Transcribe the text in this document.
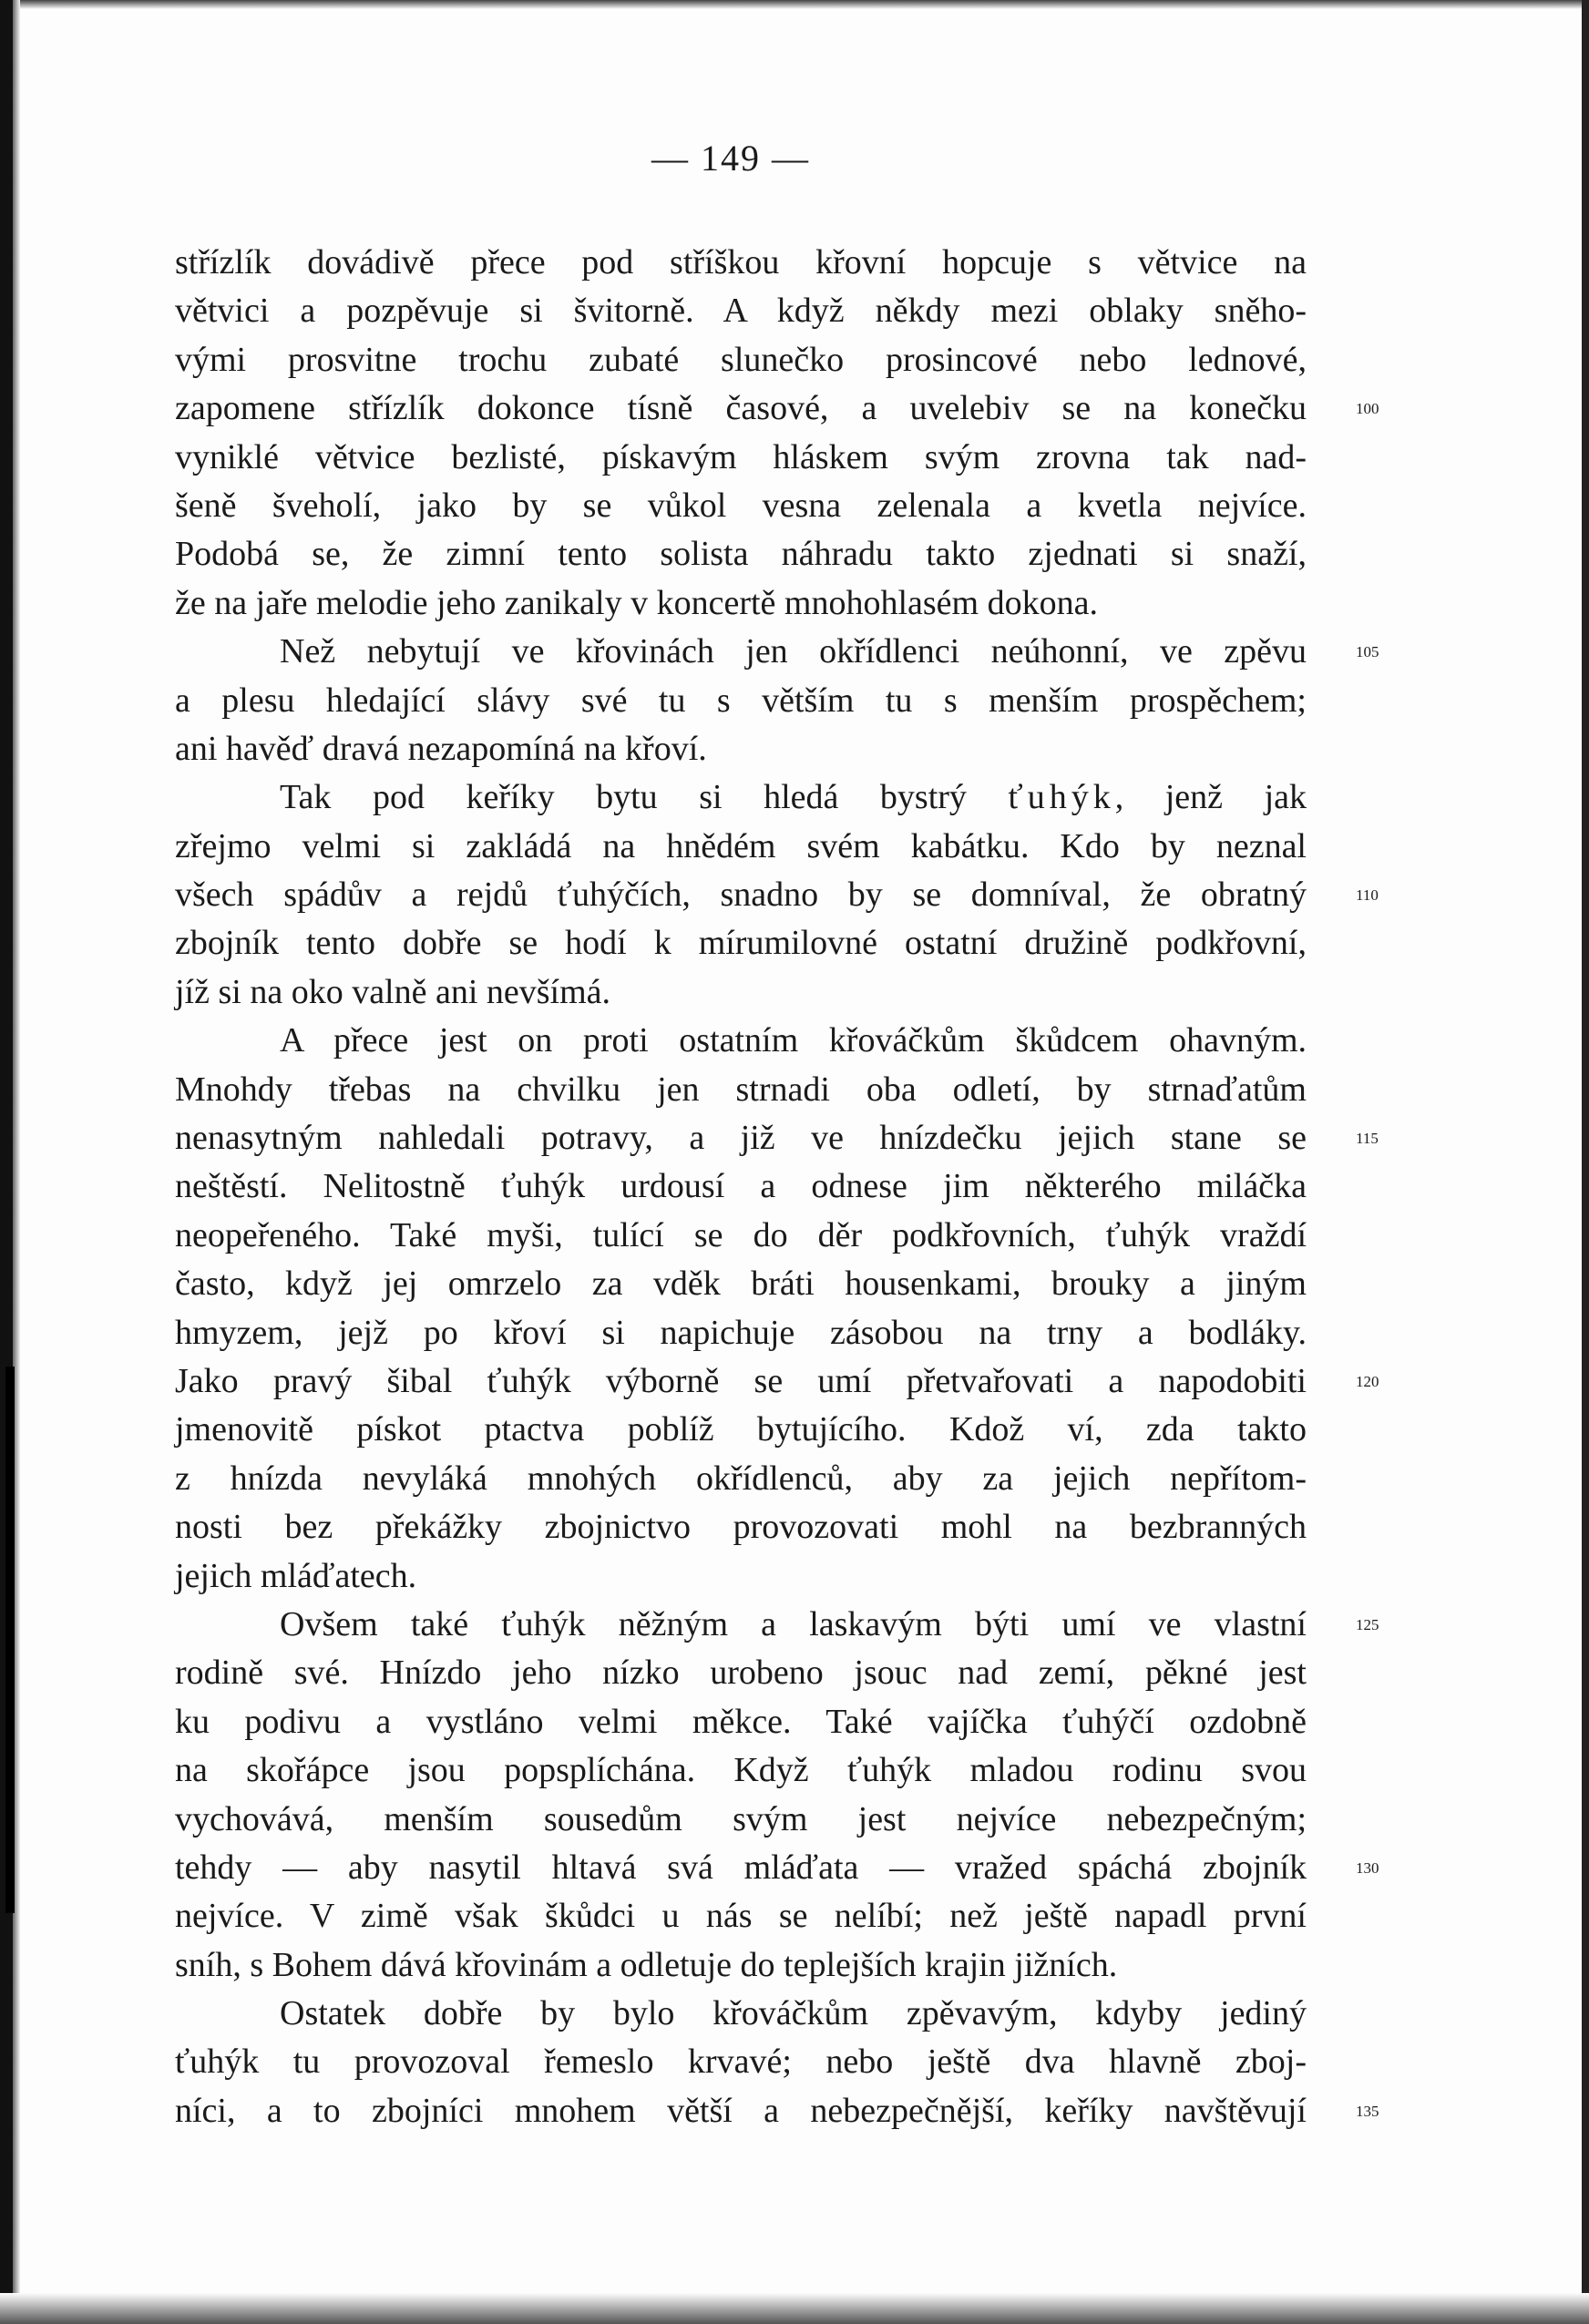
— 149 —
střízlík dovádivě přece pod stříškou křovní hopcuje s větvice na
větvici a pozpěvuje si švitorně. A když někdy mezi oblaky sněho-
vými prosvitne trochu zubaté slunečko prosincové nebo lednové,
zapomene střízlík dokonce tísně časové, a uvelebiv se na konečku
vyniklé větvice bezlisté, pískavým hláskem svým zrovna tak nad-
šeně šveholí, jako by se vůkol vesna zelenala a kvetla nejvíce.
Podobá se, že zimní tento solista náhradu takto zjednati si snaží,
že na jaře melodie jeho zanikaly v koncertě mnohohlasém dokona.
Než nebytují ve křovinách jen okřídlenci neúhonní, ve zpěvu
a plesu hledající slávy své tu s větším tu s menším prospěchem;
ani havěď dravá nezapomíná na křoví.
Tak pod keříky bytu si hledá bystrý ťuhýk, jenž jak
zřejmo velmi si zakládá na hnědém svém kabátku. Kdo by neznal
všech spádův a rejdů ťuhýčích, snadno by se domníval, že obratný
zbojník tento dobře se hodí k mírumilovné ostatní družině podkřovní,
jíž si na oko valně ani nevšímá.
A přece jest on proti ostatním křováčkům škůdcem ohavným.
Mnohdy třebas na chvilku jen strnadi oba odletí, by strnaďatům
nenasytným nahledali potravy, a již ve hnízdečku jejich stane se
neštěstí. Nelitostně ťuhýk urdousí a odnese jim některého miláčka
neopeřeného. Také myši, tulící se do děr podkřovních, ťuhýk vraždí
často, když jej omrzelo za vděk bráti housenkami, brouky a jiným
hmyzem, jejž po křoví si napichuje zásobou na trny a bodláky.
Jako pravý šibal ťuhýk výborně se umí přetvařovati a napodobiti
jmenovitě pískot ptactva poblíž bytujícího. Kdož ví, zda takto
z hnízda nevyláká mnohých okřídlenců, aby za jejich nepřítom-
nosti bez překážky zbojnictvo provozovati mohl na bezbranných
jejich mláďatech.
Ovšem také ťuhýk něžným a laskavým býti umí ve vlastní
rodině své. Hnízdo jeho nízko urobeno jsouc nad zemí, pěkné jest
ku podivu a vystláno velmi měkce. Také vajíčka ťuhýčí ozdobně
na skořápce jsou popsplíchána. Když ťuhýk mladou rodinu svou
vychovává, menším sousedům svým jest nejvíce nebezpečným;
tehdy — aby nasytil hltavá svá mláďata — vražed spáchá zbojník
nejvíce. V zimě však škůdci u nás se nelíbí; než ještě napadl první
sníh, s Bohem dává křovinám a odletuje do teplejších krajin jižních.
Ostatek dobře by bylo křováčkům zpěvavým, kdyby jediný
ťuhýk tu provozoval řemeslo krvavé; nebo ještě dva hlavně zboj-
níci, a to zbojníci mnohem větší a nebezpečnější, keříky navštěvují
100
105
110
115
120
125
130
135
